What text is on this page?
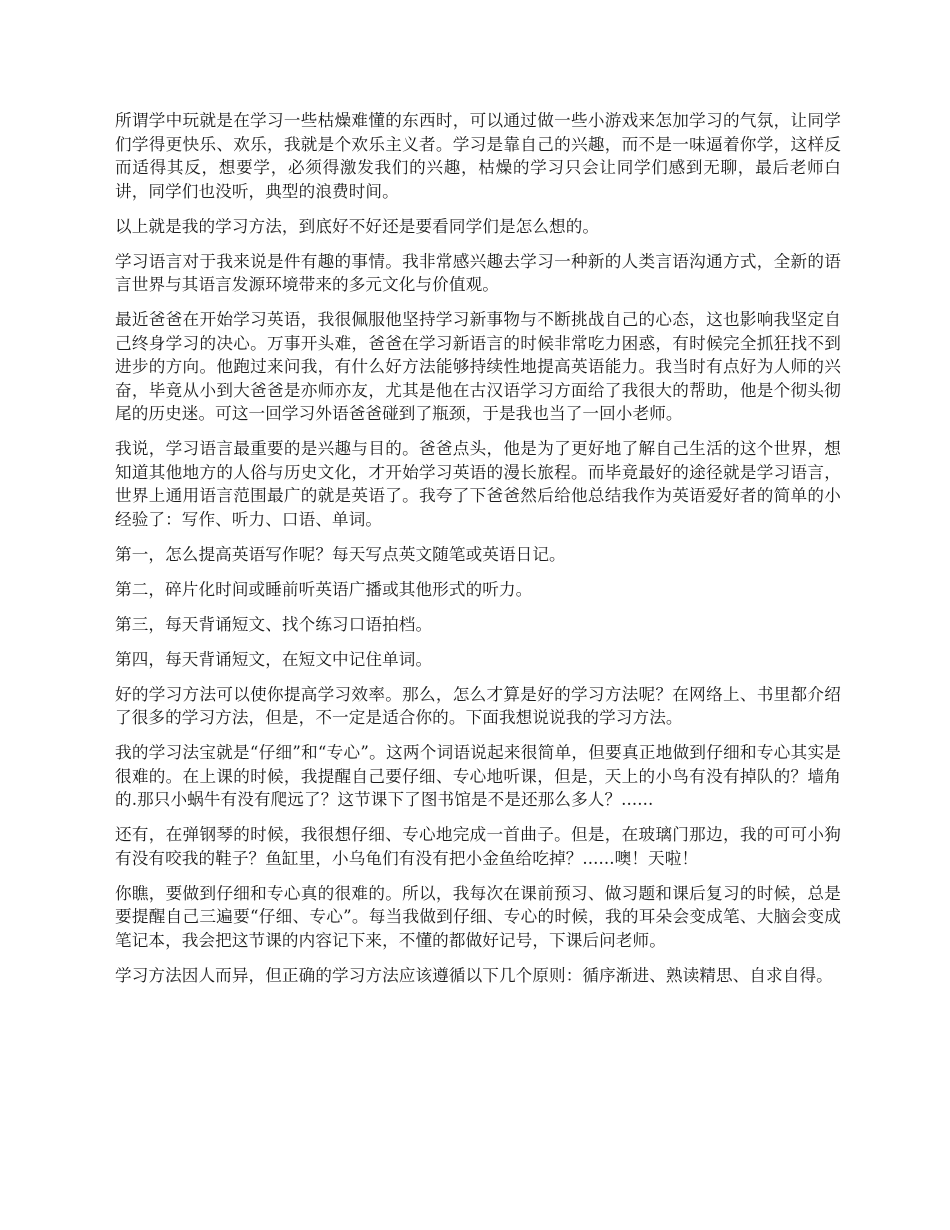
所谓学中玩就是在学习一些枯燥难懂的东西时，可以通过做一些小游戏来怎加学习的气氛，让同学们学得更快乐、欢乐，我就是个欢乐主义者。学习是靠自己的兴趣，而不是一味逼着你学，这样反而适得其反，想要学，必须得激发我们的兴趣，枯燥的学习只会让同学们感到无聊，最后老师白讲，同学们也没听，典型的浪费时间。

以上就是我的学习方法，到底好不好还是要看同学们是怎么想的。

学习语言对于我来说是件有趣的事情。我非常感兴趣去学习一种新的人类言语沟通方式，全新的语言世界与其语言发源环境带来的多元文化与价值观。

最近爸爸在开始学习英语，我很佩服他坚持学习新事物与不断挑战自己的心态，这也影响我坚定自己终身学习的决心。万事开头难，爸爸在学习新语言的时候非常吃力困惑，有时候完全抓狂找不到进步的方向。他跑过来问我，有什么好方法能够持续性地提高英语能力。我当时有点好为人师的兴奋，毕竟从小到大爸爸是亦师亦友，尤其是他在古汉语学习方面给了我很大的帮助，他是个彻头彻尾的历史迷。可这一回学习外语爸爸碰到了瓶颈，于是我也当了一回小老师。

我说，学习语言最重要的是兴趣与目的。爸爸点头，他是为了更好地了解自己生活的这个世界，想知道其他地方的人俗与历史文化，才开始学习英语的漫长旅程。而毕竟最好的途径就是学习语言，世界上通用语言范围最广的就是英语了。我夸了下爸爸然后给他总结我作为英语爱好者的简单的小经验了：写作、听力、口语、单词。

第一，怎么提高英语写作呢？每天写点英文随笔或英语日记。

第二，碎片化时间或睡前听英语广播或其他形式的听力。

第三，每天背诵短文、找个练习口语拍档。

第四，每天背诵短文，在短文中记住单词。

好的学习方法可以使你提高学习效率。那么，怎么才算是好的学习方法呢？在网络上、书里都介绍了很多的学习方法，但是，不一定是适合你的。下面我想说说我的学习方法。

我的学习法宝就是“仔细”和“专心”。这两个词语说起来很简单，但要真正地做到仔细和专心其实是很难的。在上课的时候，我提醒自己要仔细、专心地听课，但是，天上的小鸟有没有掉队的？墙角的.那只小蜗牛有没有爬远了？这节课下了图书馆是不是还那么多人？......

还有，在弹钢琴的时候，我很想仔细、专心地完成一首曲子。但是，在玻璃门那边，我的可可小狗有没有咬我的鞋子？鱼缸里，小乌龟们有没有把小金鱼给吃掉？......噢！天啦！

你瞧，要做到仔细和专心真的很难的。所以，我每次在课前预习、做习题和课后复习的时候，总是要提醒自己三遍要“仔细、专心”。每当我做到仔细、专心的时候，我的耳朵会变成笔、大脑会变成笔记本，我会把这节课的内容记下来，不懂的都做好记号，下课后问老师。

学习方法因人而异，但正确的学习方法应该遵循以下几个原则：循序渐进、熟读精思、自求自得。
